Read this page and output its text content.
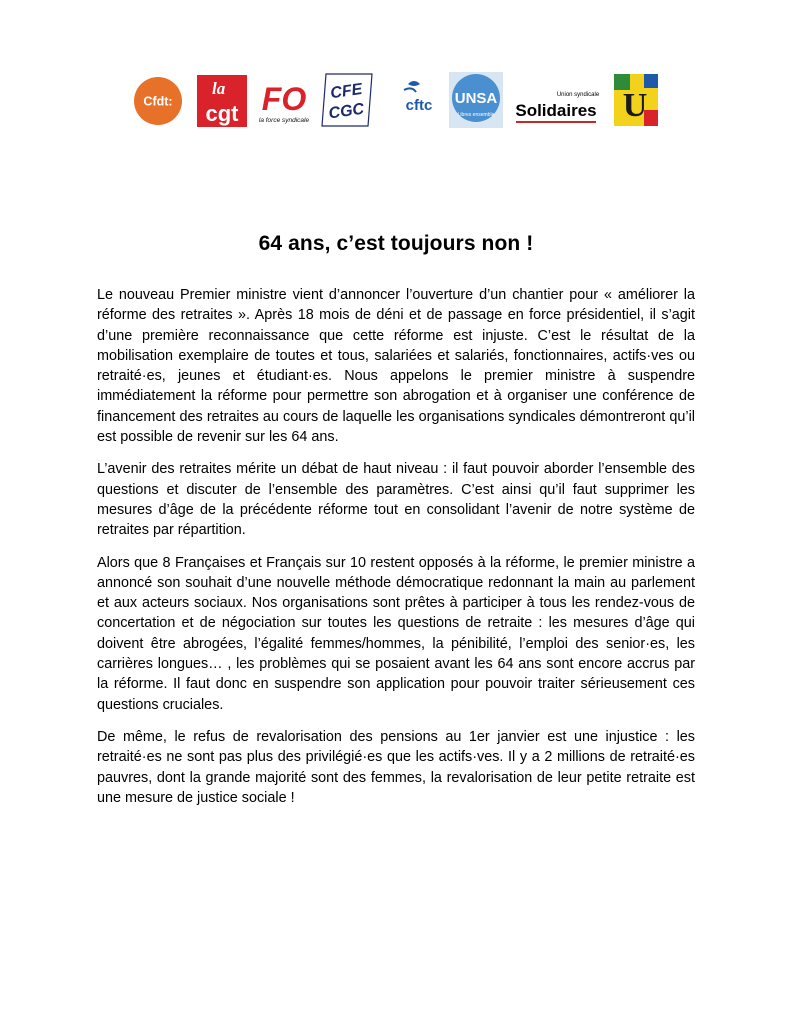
Cfdt:
la
cgt FO
la force syndicale
CFE
CGC	cftc UNSA
Libres ensemble
Union syndicale
Solidaires U
64 ans, c’est toujours non !

Le nouveau Premier ministre vient d’annoncer l’ouverture d’un chantier pour « améliorer la réforme des retraites ». Après 18 mois de déni et de passage en force présidentiel, il s’agit d’une première reconnaissance que cette réforme est injuste. C’est le résultat de la mobilisation exemplaire de toutes et tous, salariées et salariés, fonctionnaires, actifs·ves ou retraité·es, jeunes et étudiant·es. Nous appelons le premier ministre à suspendre immédiatement la réforme pour permettre son abrogation et à organiser une conférence de financement des retraites au cours de laquelle les organisations syndicales démontreront qu’il est possible de revenir sur les 64 ans.

L’avenir des retraites mérite un débat de haut niveau : il faut pouvoir aborder l’ensemble des questions et discuter de l’ensemble des paramètres. C’est ainsi qu’il faut supprimer les mesures d’âge de la précédente réforme tout en consolidant l’avenir de notre système de retraites par répartition.

Alors que 8 Françaises et Français sur 10 restent opposés à la réforme, le premier ministre a annoncé son souhait d’une nouvelle méthode démocratique redonnant la main au parlement et aux acteurs sociaux. Nos organisations sont prêtes à participer à tous les rendez-vous de concertation et de négociation sur toutes les questions de retraite : les mesures d’âge qui doivent être abrogées, l’égalité femmes/hommes, la pénibilité, l’emploi des senior·es, les carrières longues… , les problèmes qui se posaient avant les 64 ans sont encore accrus par la réforme. Il faut donc en suspendre son application pour pouvoir traiter sérieusement ces questions cruciales.

De même, le refus de revalorisation des pensions au 1er janvier est une injustice : les retraité·es ne sont pas plus des privilégié·es que les actifs·ves. Il y a 2 millions de retraité·es pauvres, dont la grande majorité sont des femmes, la revalorisation de leur petite retraite est une mesure de justice sociale !
